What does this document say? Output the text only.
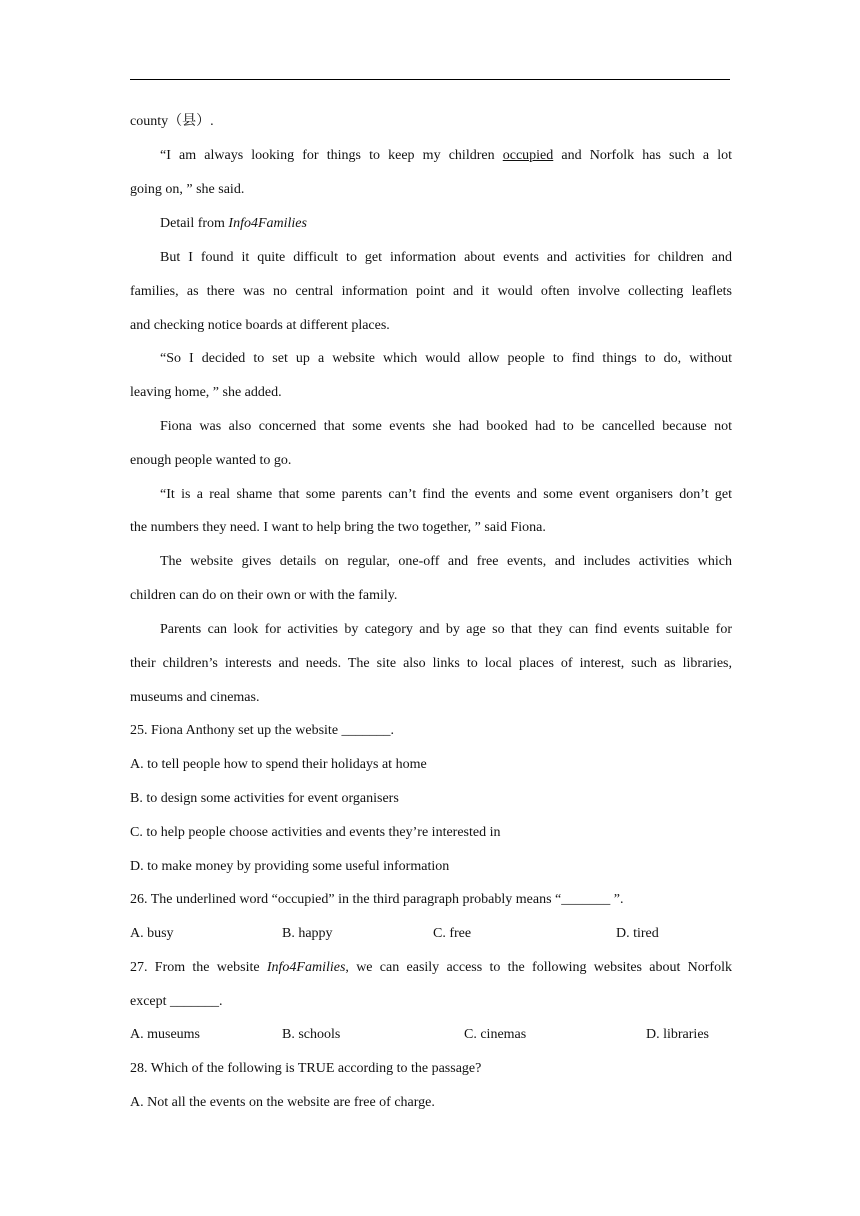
county（县）.
“I am always looking for things to keep my children occupied and Norfolk has such a lot
going on, ” she said.
Detail from Info4Families
But I found it quite difficult to get information about events and activities for children and
families, as there was no central information point and it would often involve collecting leaflets
and checking notice boards at different places.
“So I decided to set up a website which would allow people to find things to do, without
leaving home, ” she added.
Fiona was also concerned that some events she had booked had to be cancelled because not
enough people wanted to go.
“It is a real shame that some parents can’t find the events and some event organisers don’t get
the numbers they need. I want to help bring the two together, ” said Fiona.
The website gives details on regular, one-off and free events, and includes activities which
children can do on their own or with the family.
Parents can look for activities by category and by age so that they can find events suitable for
their children’s interests and needs. The site also links to local places of interest, such as libraries,
museums and cinemas.
25. Fiona Anthony set up the website _______.
A. to tell people how to spend their holidays at home
B. to design some activities for event organisers
C. to help people choose activities and events they’re interested in
D. to make money by providing some useful information
26. The underlined word “occupied” in the third paragraph probably means “_______ ”.
A. busy	B. happy	C. free	D. tired
27. From the website Info4Families, we can easily access to the following websites about Norfolk
except _______.
A. museums	B. schools	C. cinemas	D. libraries
28. Which of the following is TRUE according to the passage?
A. Not all the events on the website are free of charge.
